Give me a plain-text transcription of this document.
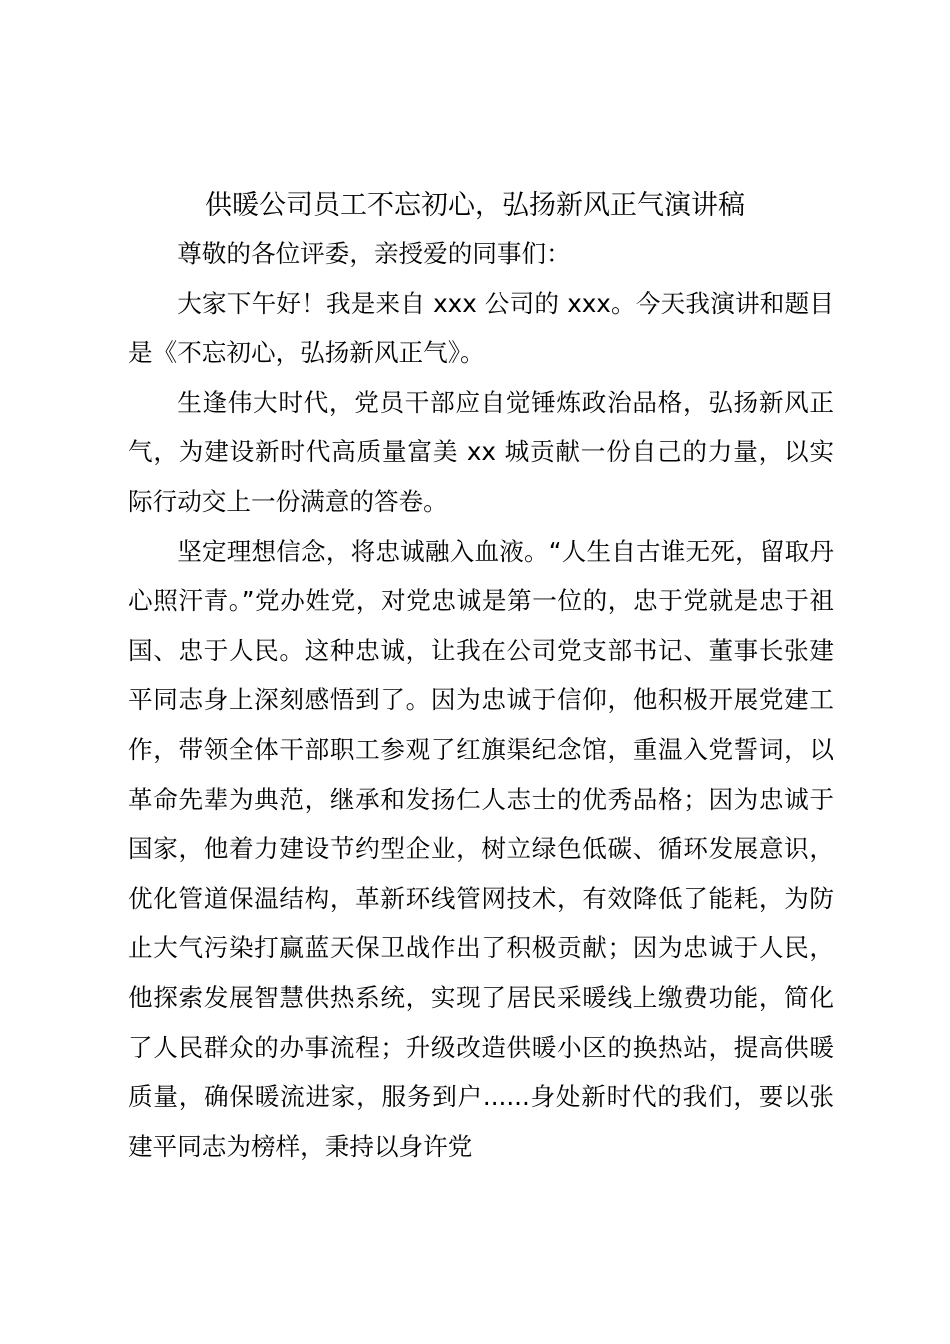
供暖公司员工不忘初心，弘扬新风正气演讲稿

尊敬的各位评委，亲授爱的同事们：

大家下午好！我是来自 xxx 公司的 xxx。今天我演讲和题目是《不忘初心，弘扬新风正气》。

生逢伟大时代，党员干部应自觉锤炼政治品格，弘扬新风正气，为建设新时代高质量富美 xx 城贡献一份自己的力量，以实际行动交上一份满意的答卷。

坚定理想信念，将忠诚融入血液。“人生自古谁无死，留取丹心照汗青。”党办姓党，对党忠诚是第一位的，忠于党就是忠于祖国、忠于人民。这种忠诚，让我在公司党支部书记、董事长张建平同志身上深刻感悟到了。因为忠诚于信仰，他积极开展党建工作，带领全体干部职工参观了红旗渠纪念馆，重温入党誓词，以革命先辈为典范，继承和发扬仁人志士的优秀品格；因为忠诚于国家，他着力建设节约型企业，树立绿色低碳、循环发展意识，优化管道保温结构，革新环线管网技术，有效降低了能耗，为防止大气污染打赢蓝天保卫战作出了积极贡献；因为忠诚于人民，他探索发展智慧供热系统，实现了居民采暖线上缴费功能，简化了人民群众的办事流程；升级改造供暖小区的换热站，提高供暖质量，确保暖流进家，服务到户......身处新时代的我们，要以张建平同志为榜样，秉持以身许党
